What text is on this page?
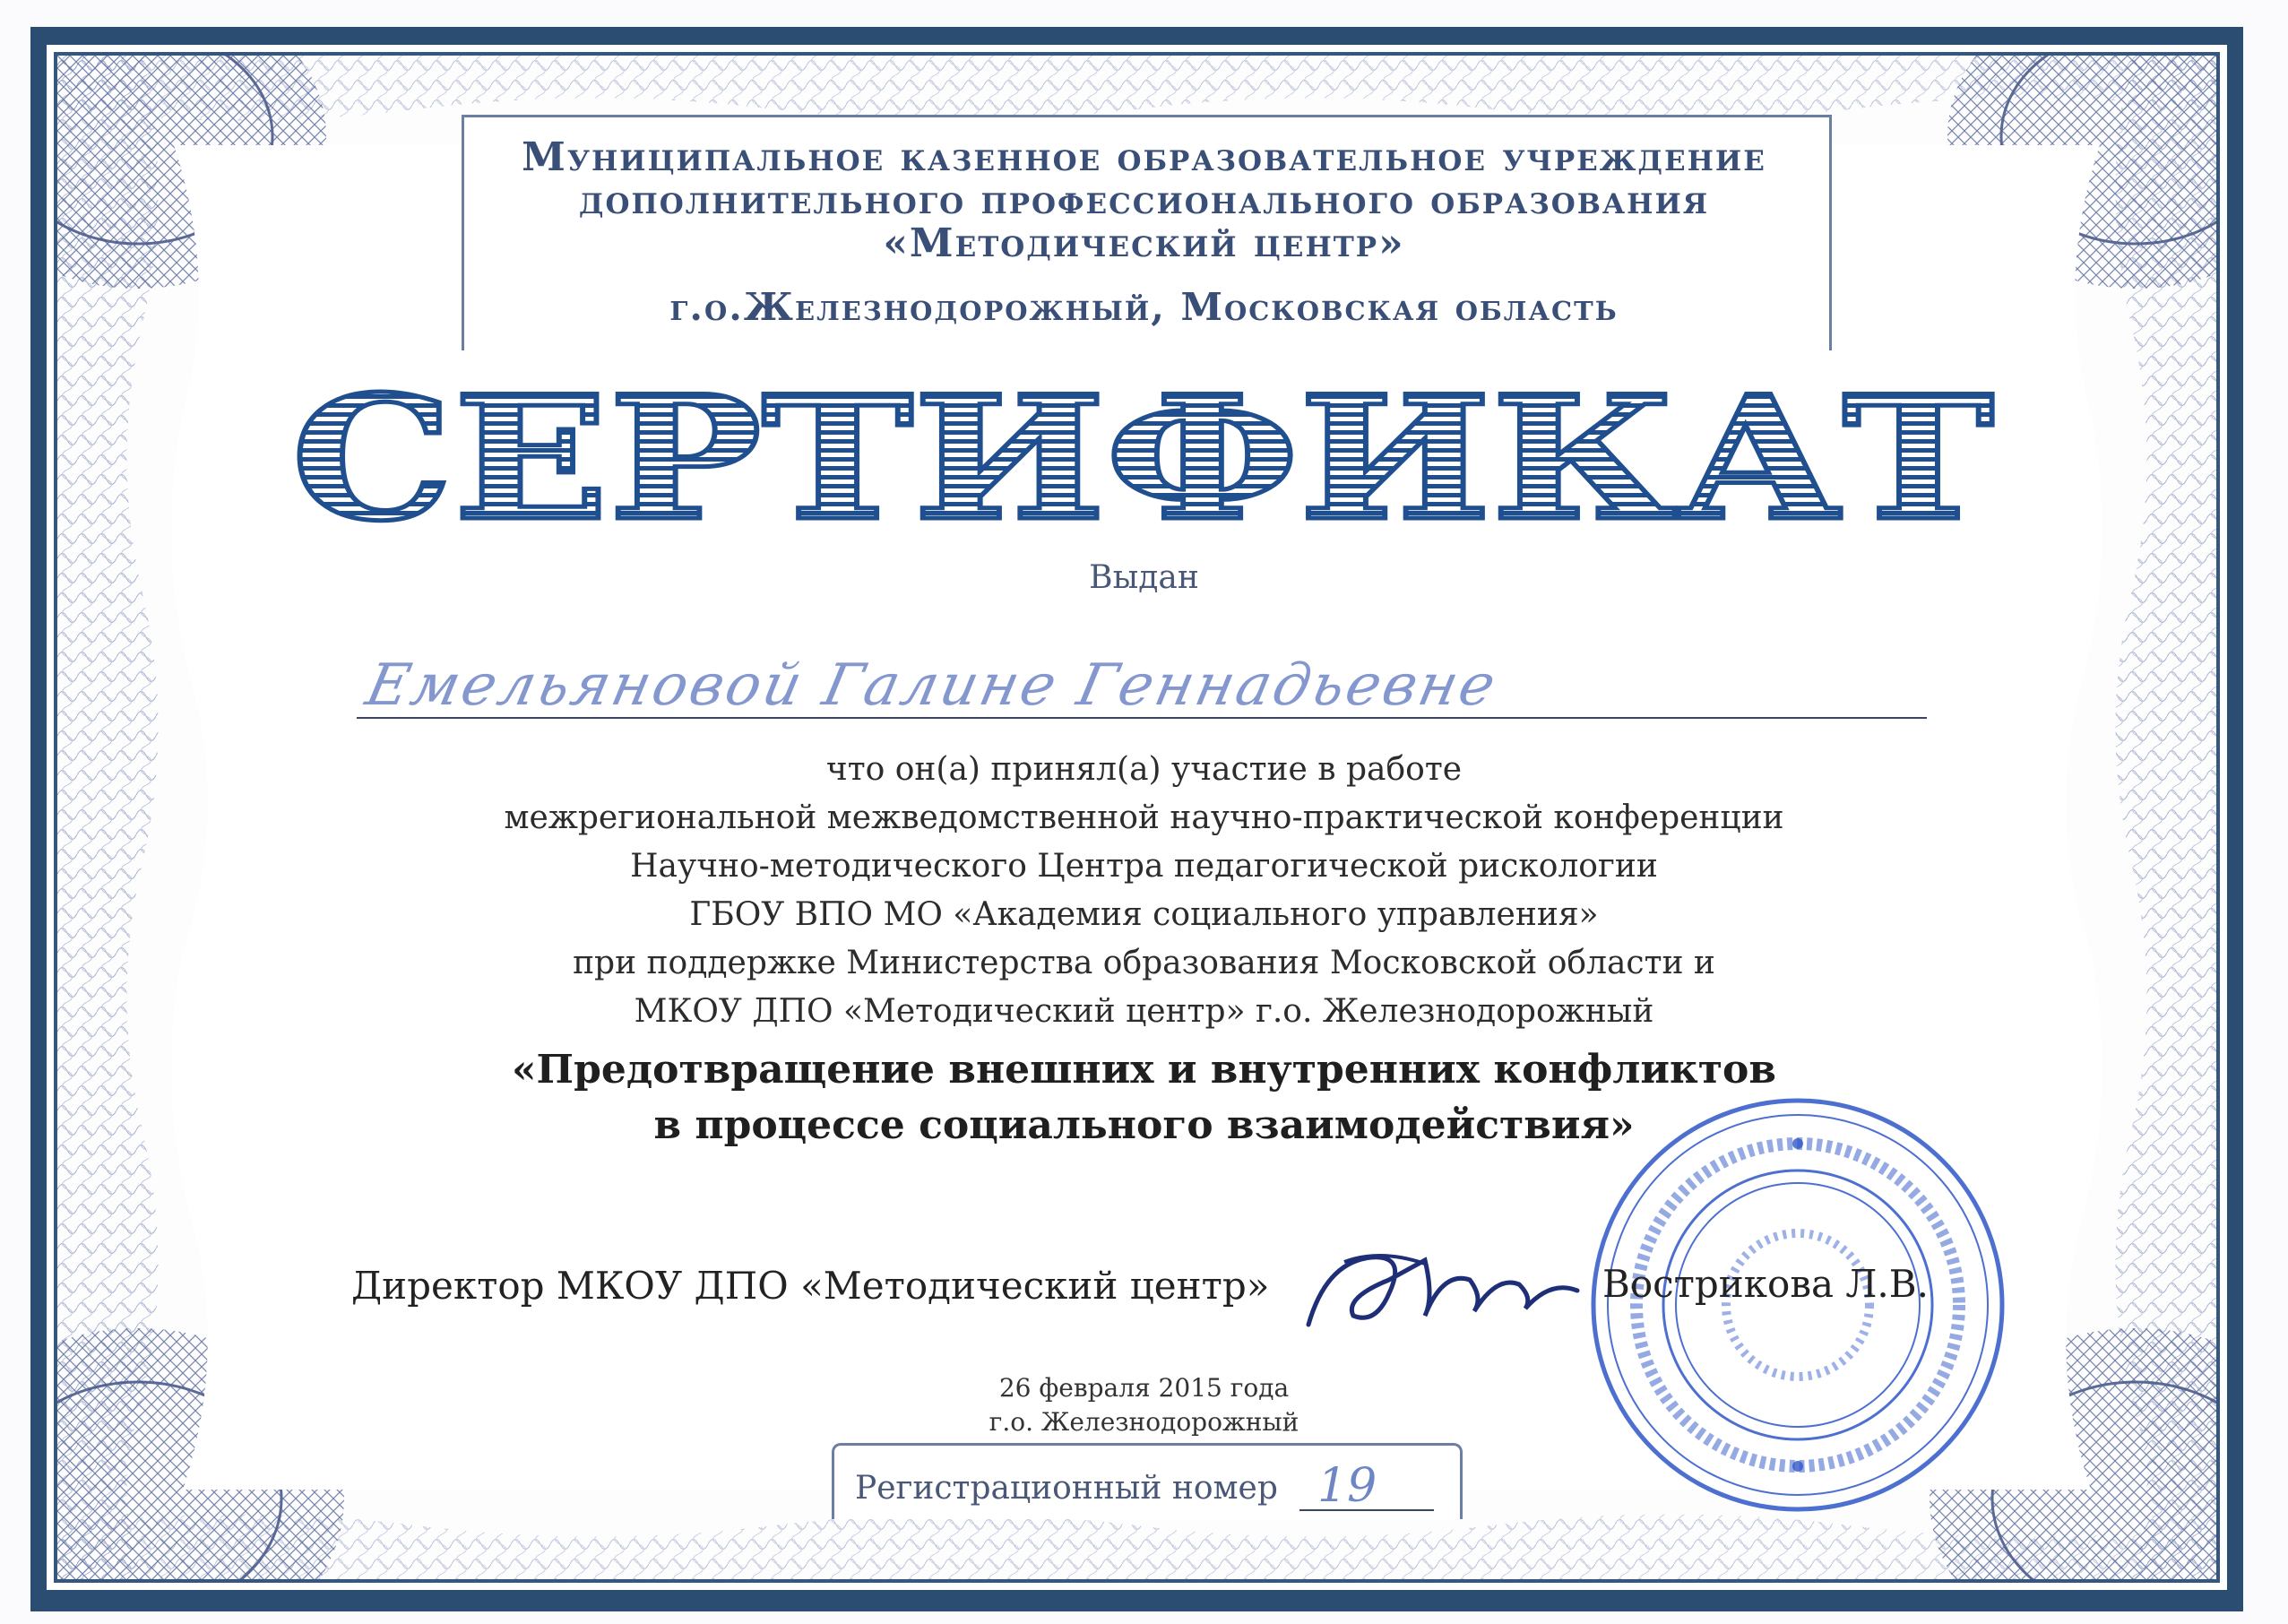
Муниципальное казенное образовательное учреждение
дополнительного профессионального образования
«Методический центр»
г.о.Железнодорожный, Московская область
СЕРТИФИКАТ
Выдан
Емельяновой Галине Геннадьевне
что он(а) принял(а) участие в работе
межрегиональной межведомственной научно-практической конференции
Научно-методического Центра педагогической рискологии
ГБОУ ВПО МО «Академия социального управления»
при поддержке Министерства образования Московской области и
МКОУ ДПО «Методический центр» г.о. Железнодорожный
«Предотвращение внешних и внутренних конфликтов
в процессе социального взаимодействия»
Директор МКОУ ДПО «Методический центр»	Вострикова Л.В.
26 февраля 2015 года
г.о. Железнодорожный
Регистрационный номер 19
